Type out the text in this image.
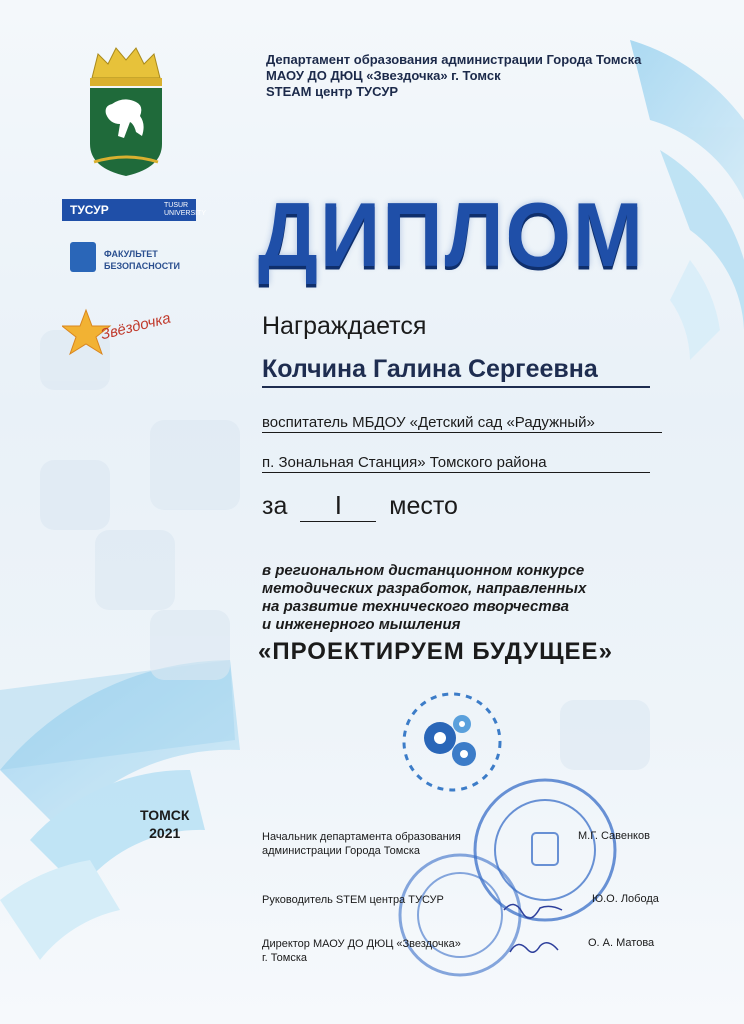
Департамент образования администрации Города Томска
МАОУ ДО ДЮЦ «Звездочка» г. Томск
STEAM центр ТУСУР
ТУСУР	TUSUR
UNIVERSITY
ФАКУЛЬТЕТ
БЕЗОПАСНОСТИ
Звёздочка
ДИПЛОМ
Награждается
Колчина Галина Сергеевна
воспитатель МБДОУ «Детский сад «Радужный»
п. Зональная Станция» Томского района
за I место
в региональном дистанционном конкурсе
методических разработок, направленных
на развитие технического творчества
и инженерного мышления
«ПРОЕКТИРУЕМ БУДУЩЕЕ»
ТОМСК
2021	Начальник департамента образования
администрации Города Томска
М.Г. Савенков
Руководитель STEM центра ТУСУР	Ю.О. Лобода
Директор МАОУ ДО ДЮЦ «Звездочка»
г. Томска
О. А. Матова
